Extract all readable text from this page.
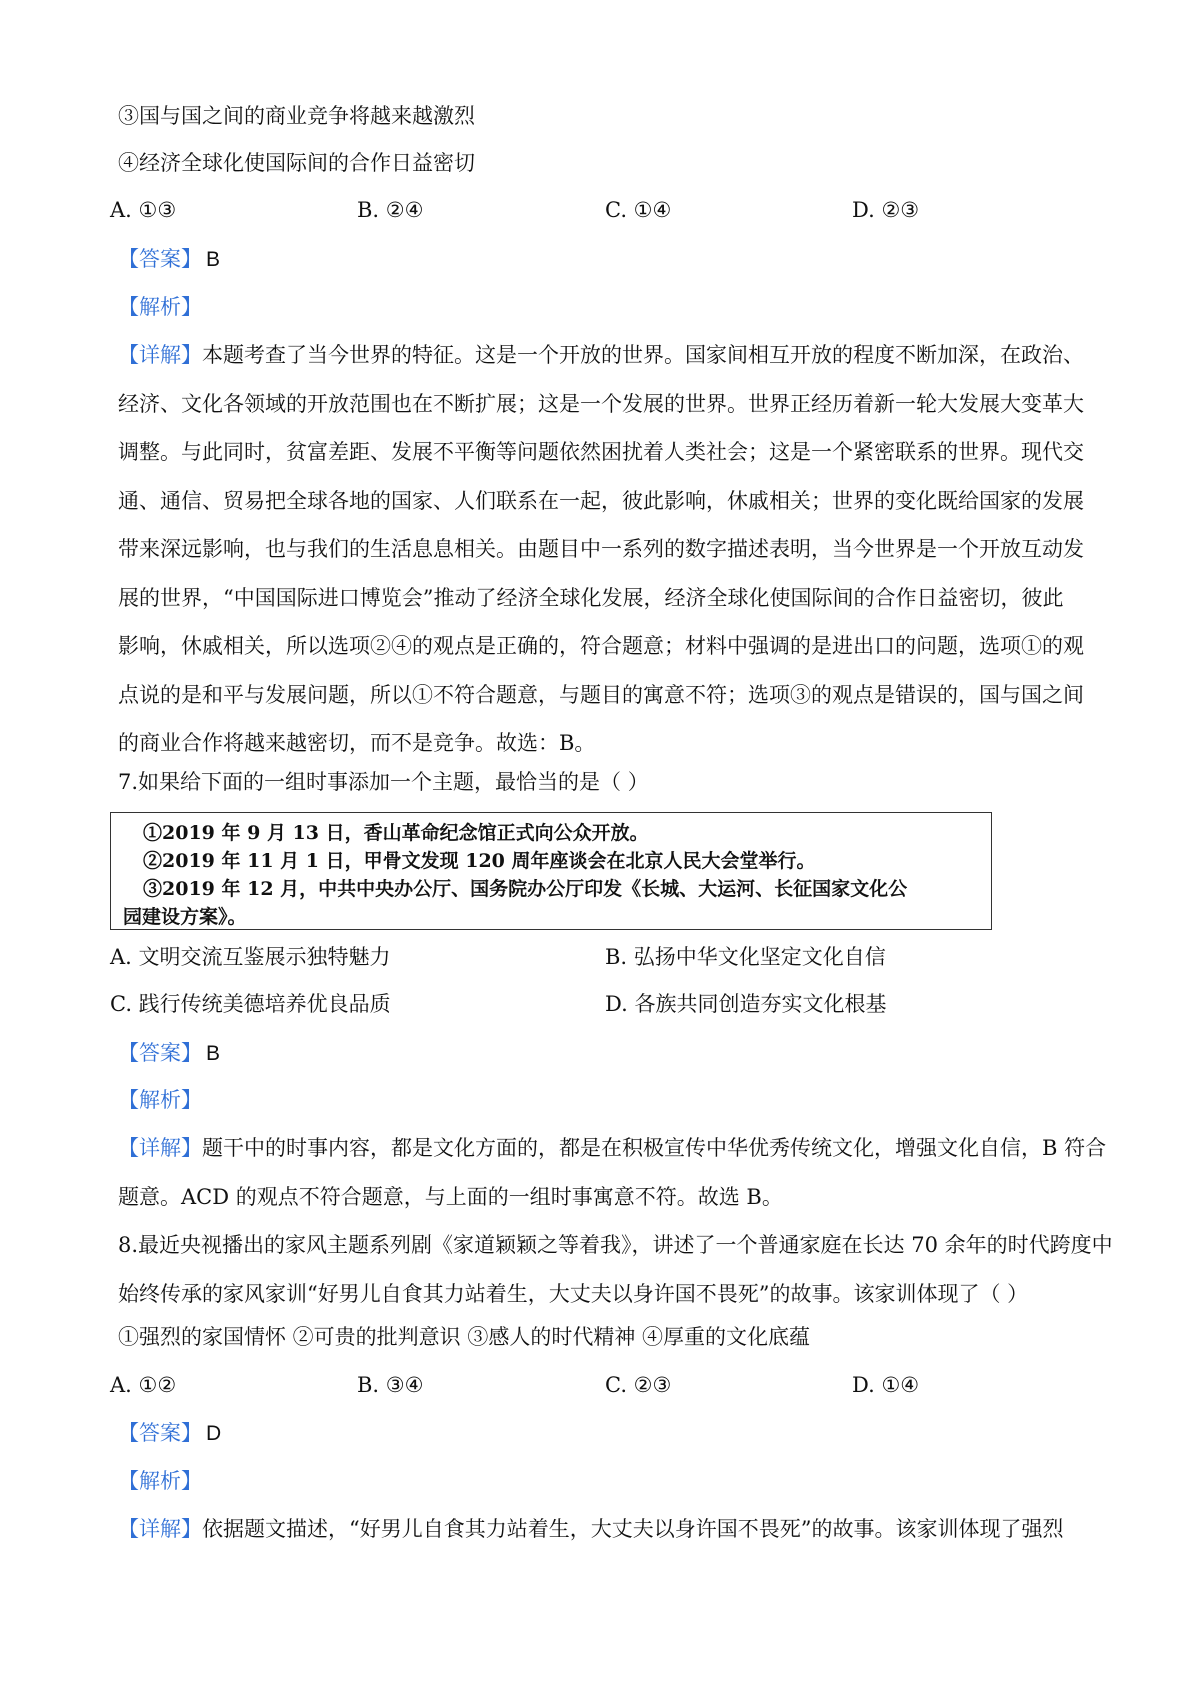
③国与国之间的商业竞争将越来越激烈
④经济全球化使国际间的合作日益密切
A. ①③	B. ②④	C. ①④	D. ②③
【答案】 B
【解析】
【详解】本题考查了当今世界的特征。这是一个开放的世界。国家间相互开放的程度不断加深，在政治、
经济、文化各领域的开放范围也在不断扩展；这是一个发展的世界。世界正经历着新一轮大发展大变革大
调整。与此同时，贫富差距、发展不平衡等问题依然困扰着人类社会；这是一个紧密联系的世界。现代交
通、通信、贸易把全球各地的国家、人们联系在一起，彼此影响，休戚相关；世界的变化既给国家的发展
带来深远影响，也与我们的生活息息相关。由题目中一系列的数字描述表明，当今世界是一个开放互动发
展的世界，“中国国际进口博览会”推动了经济全球化发展，经济全球化使国际间的合作日益密切，彼此
影响，休戚相关，所以选项②④的观点是正确的，符合题意；材料中强调的是进出口的问题，选项①的观
点说的是和平与发展问题，所以①不符合题意，与题目的寓意不符；选项③的观点是错误的，国与国之间
的商业合作将越来越密切，而不是竞争。故选：B。
7.如果给下面的一组时事添加一个主题，最恰当的是（ ）
①2019 年 9 月 13 日，香山革命纪念馆正式向公众开放。
②2019 年 11 月 1 日，甲骨文发现 120 周年座谈会在北京人民大会堂举行。
③2019 年 12 月，中共中央办公厅、国务院办公厅印发《长城、大运河、长征国家文化公
园建设方案》。
A. 文明交流互鉴展示独特魅力	B. 弘扬中华文化坚定文化自信
C. 践行传统美德培养优良品质	D. 各族共同创造夯实文化根基
【答案】 B
【解析】
【详解】题干中的时事内容，都是文化方面的，都是在积极宣传中华优秀传统文化，增强文化自信，B 符合
题意。ACD 的观点不符合题意，与上面的一组时事寓意不符。故选 B。
8.最近央视播出的家风主题系列剧《家道颖颖之等着我》，讲述了一个普通家庭在长达 70 余年的时代跨度中
始终传承的家风家训“好男儿自食其力站着生，大丈夫以身许国不畏死”的故事。该家训体现了（ ）
①强烈的家国情怀 ②可贵的批判意识 ③感人的时代精神 ④厚重的文化底蕴
A. ①②	B. ③④	C. ②③	D. ①④
【答案】 D
【解析】
【详解】依据题文描述，“好男儿自食其力站着生，大丈夫以身许国不畏死”的故事。该家训体现了强烈
